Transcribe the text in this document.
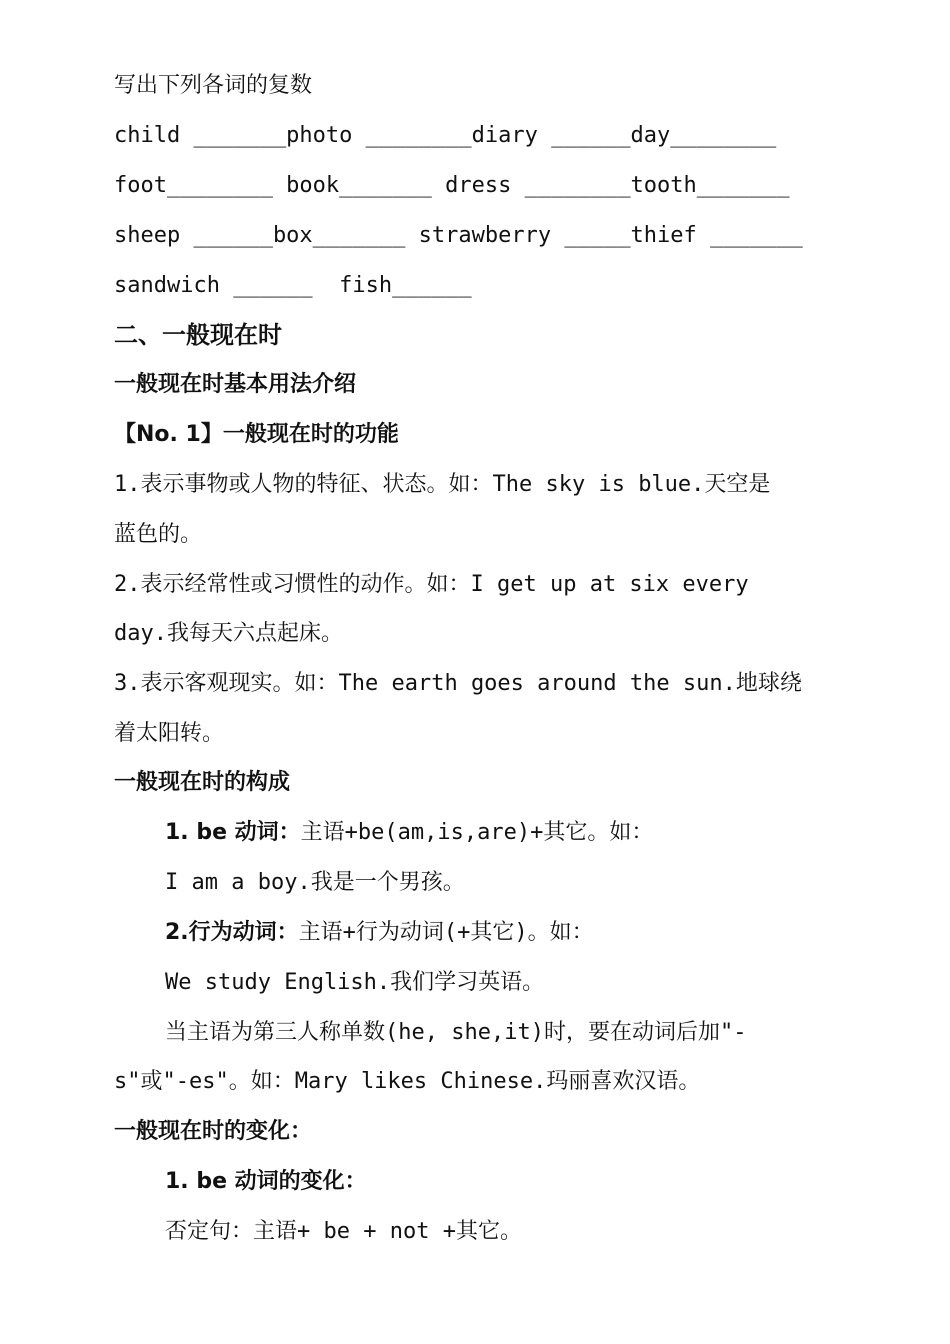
写出下列各词的复数
child _______photo ________diary ______day________
foot________ book_______ dress ________tooth_______
sheep ______box_______ strawberry _____thief _______
sandwich ______  fish______
二、一般现在时
一般现在时基本用法介绍
【No. 1】一般现在时的功能
1.表示事物或人物的特征、状态。如：The sky is blue.天空是
蓝色的。
2.表示经常性或习惯性的动作。如：I get up at six every
day.我每天六点起床。
3.表示客观现实。如：The earth goes around the sun.地球绕
着太阳转。
一般现在时的构成
1. be 动词：主语+be(am,is,are)+其它。如：
I am a boy.我是一个男孩。
2.行为动词：主语+行为动词(+其它)。如：
We study English.我们学习英语。
当主语为第三人称单数(he, she,it)时，要在动词后加"-
s"或"-es"。如：Mary likes Chinese.玛丽喜欢汉语。
一般现在时的变化：
1. be 动词的变化：
否定句：主语+ be + not +其它。
